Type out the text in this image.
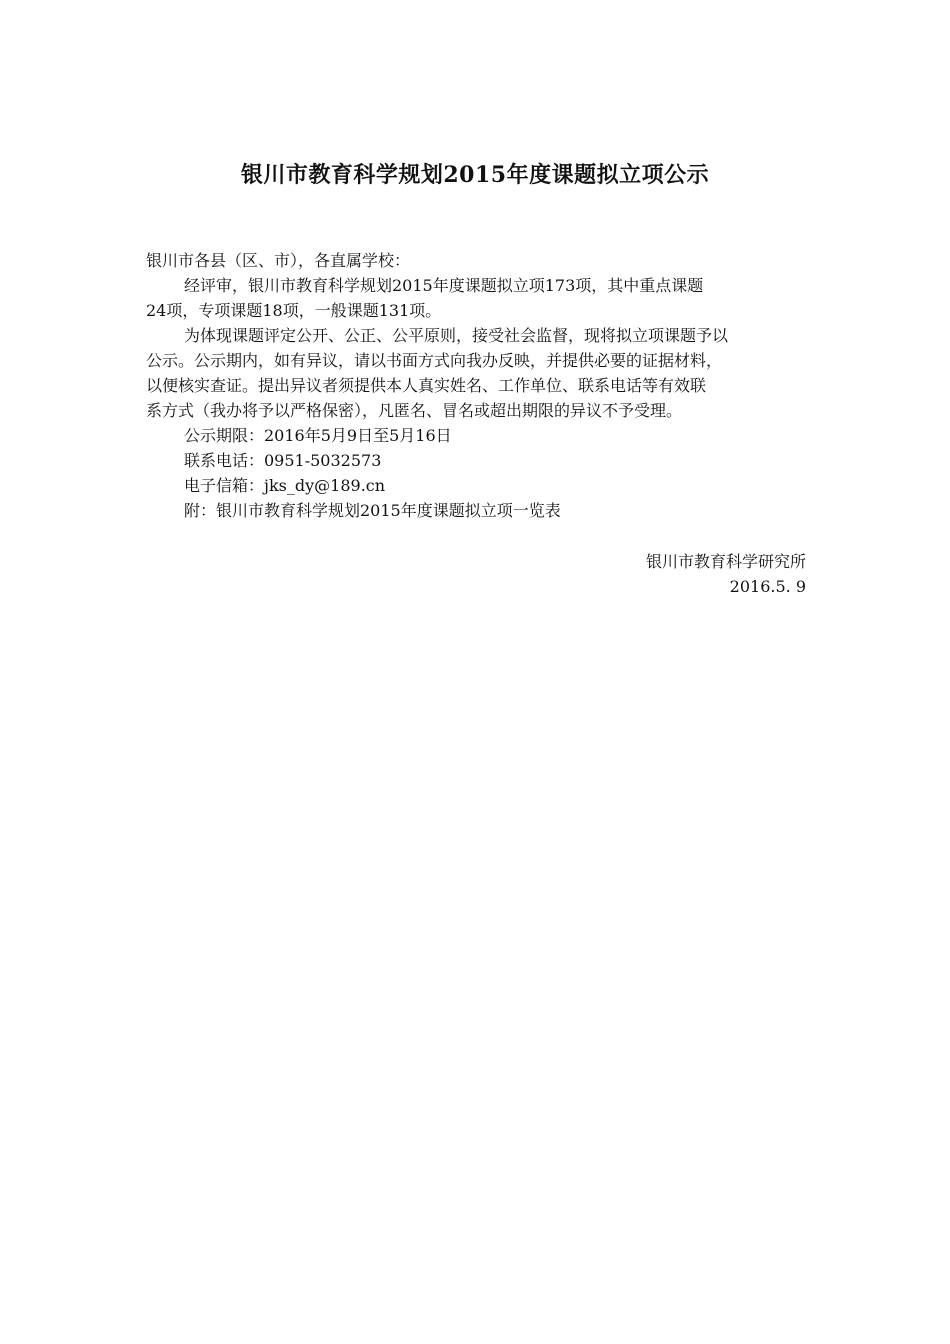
银川市教育科学规划2015年度课题拟立项公示
银川市各县（区、市），各直属学校：
经评审，银川市教育科学规划2015年度课题拟立项173项，其中重点课题
24项，专项课题18项，一般课题131项。
为体现课题评定公开、公正、公平原则，接受社会监督，现将拟立项课题予以
公示。公示期内，如有异议，请以书面方式向我办反映，并提供必要的证据材料，
以便核实查证。提出异议者须提供本人真实姓名、工作单位、联系电话等有效联
系方式（我办将予以严格保密），凡匿名、冒名或超出期限的异议不予受理。
公示期限：2016年5月9日至5月16日
联系电话：0951-5032573
电子信箱：jks_dy@189.cn
附：银川市教育科学规划2015年度课题拟立项一览表
银川市教育科学研究所
2016.5. 9
